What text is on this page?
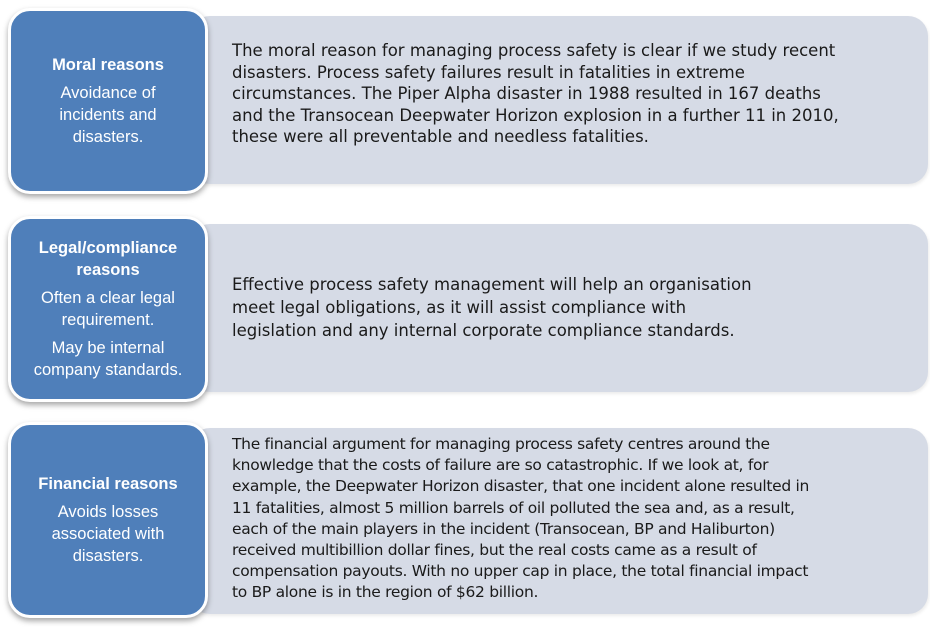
The moral reason for managing process safety is clear if we study recent
disasters. Process safety failures result in fatalities in extreme
circumstances. The Piper Alpha disaster in 1988 resulted in 167 deaths
and the Transocean Deepwater Horizon explosion in a further 11 in 2010,
these were all preventable and needless fatalities.
Moral reasons
Avoidance of
incidents and
disasters.
Effective process safety management will help an organisation
meet legal obligations, as it will assist compliance with
legislation and any internal corporate compliance standards.
Legal/compliance
reasons
Often a clear legal
requirement.
May be internal
company standards.
The financial argument for managing process safety centres around the
knowledge that the costs of failure are so catastrophic. If we look at, for
example, the Deepwater Horizon disaster, that one incident alone resulted in
11 fatalities, almost 5 million barrels of oil polluted the sea and, as a result,
each of the main players in the incident (Transocean, BP and Haliburton)
received multibillion dollar fines, but the real costs came as a result of
compensation payouts. With no upper cap in place, the total financial impact
to BP alone is in the region of $62 billion.
Financial reasons
Avoids losses
associated with
disasters.
